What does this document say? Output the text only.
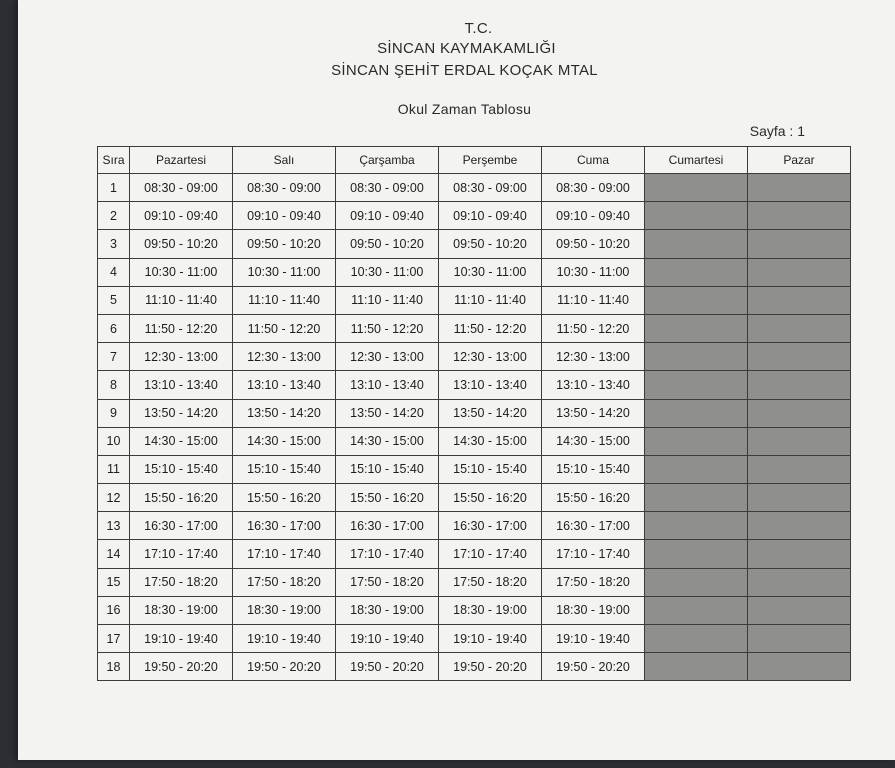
T.C.
SİNCAN KAYMAKAMLIĞI
SİNCAN ŞEHİT ERDAL KOÇAK MTAL
Okul Zaman Tablosu
Sayfa : 1
Sıra	Pazartesi	Salı	Çarşamba	Perşembe	Cuma	Cumartesi	Pazar
1	08:30 - 09:00	08:30 - 09:00	08:30 - 09:00	08:30 - 09:00	08:30 - 09:00		
2	09:10 - 09:40	09:10 - 09:40	09:10 - 09:40	09:10 - 09:40	09:10 - 09:40		
3	09:50 - 10:20	09:50 - 10:20	09:50 - 10:20	09:50 - 10:20	09:50 - 10:20		
4	10:30 - 11:00	10:30 - 11:00	10:30 - 11:00	10:30 - 11:00	10:30 - 11:00		
5	11:10 - 11:40	11:10 - 11:40	11:10 - 11:40	11:10 - 11:40	11:10 - 11:40		
6	11:50 - 12:20	11:50 - 12:20	11:50 - 12:20	11:50 - 12:20	11:50 - 12:20		
7	12:30 - 13:00	12:30 - 13:00	12:30 - 13:00	12:30 - 13:00	12:30 - 13:00		
8	13:10 - 13:40	13:10 - 13:40	13:10 - 13:40	13:10 - 13:40	13:10 - 13:40		
9	13:50 - 14:20	13:50 - 14:20	13:50 - 14:20	13:50 - 14:20	13:50 - 14:20		
10	14:30 - 15:00	14:30 - 15:00	14:30 - 15:00	14:30 - 15:00	14:30 - 15:00		
11	15:10 - 15:40	15:10 - 15:40	15:10 - 15:40	15:10 - 15:40	15:10 - 15:40		
12	15:50 - 16:20	15:50 - 16:20	15:50 - 16:20	15:50 - 16:20	15:50 - 16:20		
13	16:30 - 17:00	16:30 - 17:00	16:30 - 17:00	16:30 - 17:00	16:30 - 17:00		
14	17:10 - 17:40	17:10 - 17:40	17:10 - 17:40	17:10 - 17:40	17:10 - 17:40		
15	17:50 - 18:20	17:50 - 18:20	17:50 - 18:20	17:50 - 18:20	17:50 - 18:20		
16	18:30 - 19:00	18:30 - 19:00	18:30 - 19:00	18:30 - 19:00	18:30 - 19:00		
17	19:10 - 19:40	19:10 - 19:40	19:10 - 19:40	19:10 - 19:40	19:10 - 19:40		
18	19:50 - 20:20	19:50 - 20:20	19:50 - 20:20	19:50 - 20:20	19:50 - 20:20		
